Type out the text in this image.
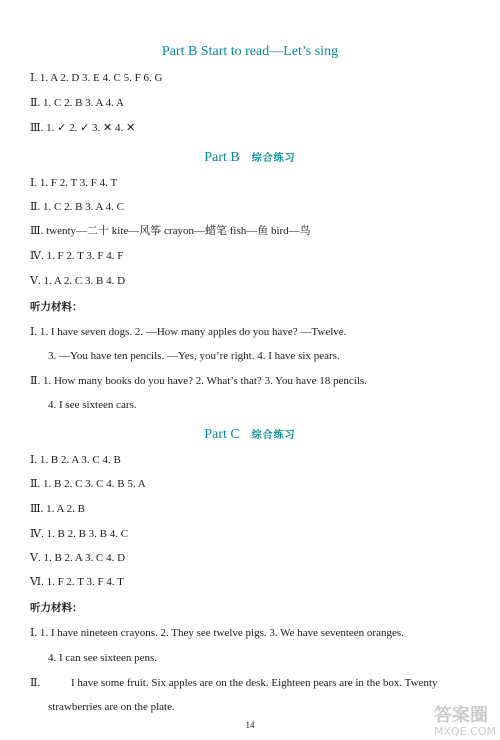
Part B Start to read—Let’s sing
Ⅰ. 1. A 2. D 3. E 4. C 5. F 6. G
Ⅱ. 1. C 2. B 3. A 4. A
Ⅲ. 1. ✓ 2. ✓ 3. ✕ 4. ✕
Part B 综合练习
Ⅰ. 1. F 2. T 3. F 4. T
Ⅱ. 1. C 2. B 3. A 4. C
Ⅲ. twenty—二十 kite—风筝 crayon—蜡笔 fish—鱼 bird—鸟
Ⅳ. 1. F 2. T 3. F 4. F
Ⅴ. 1. A 2. C 3. B 4. D
听力材料：
Ⅰ. 1. I have seven dogs. 2. —How many apples do you have? —Twelve.
3. —You have ten pencils. —Yes, you’re right. 4. I have six pears.
Ⅱ. 1. How many books do you have? 2. What’s that? 3. You have 18 pencils.
4. I see sixteen cars.
Part C 综合练习
Ⅰ. 1. B 2. A 3. C 4. B
Ⅱ. 1. B 2. C 3. C 4. B 5. A
Ⅲ. 1. A 2. B
Ⅳ. 1. B 2. B 3. B 4. C
Ⅴ. 1. B 2. A 3. C 4. D
Ⅵ. 1. F 2. T 3. F 4. T
听力材料：
Ⅰ. 1. I have nineteen crayons. 2. They see twelve pigs. 3. We have seventeen oranges.
4. I can see sixteen pens.
Ⅱ.	I have some fruit. Six apples are on the desk. Eighteen pears are in the box. Twenty
strawberries are on the plate.
14	答案圈
MXQE.COM
